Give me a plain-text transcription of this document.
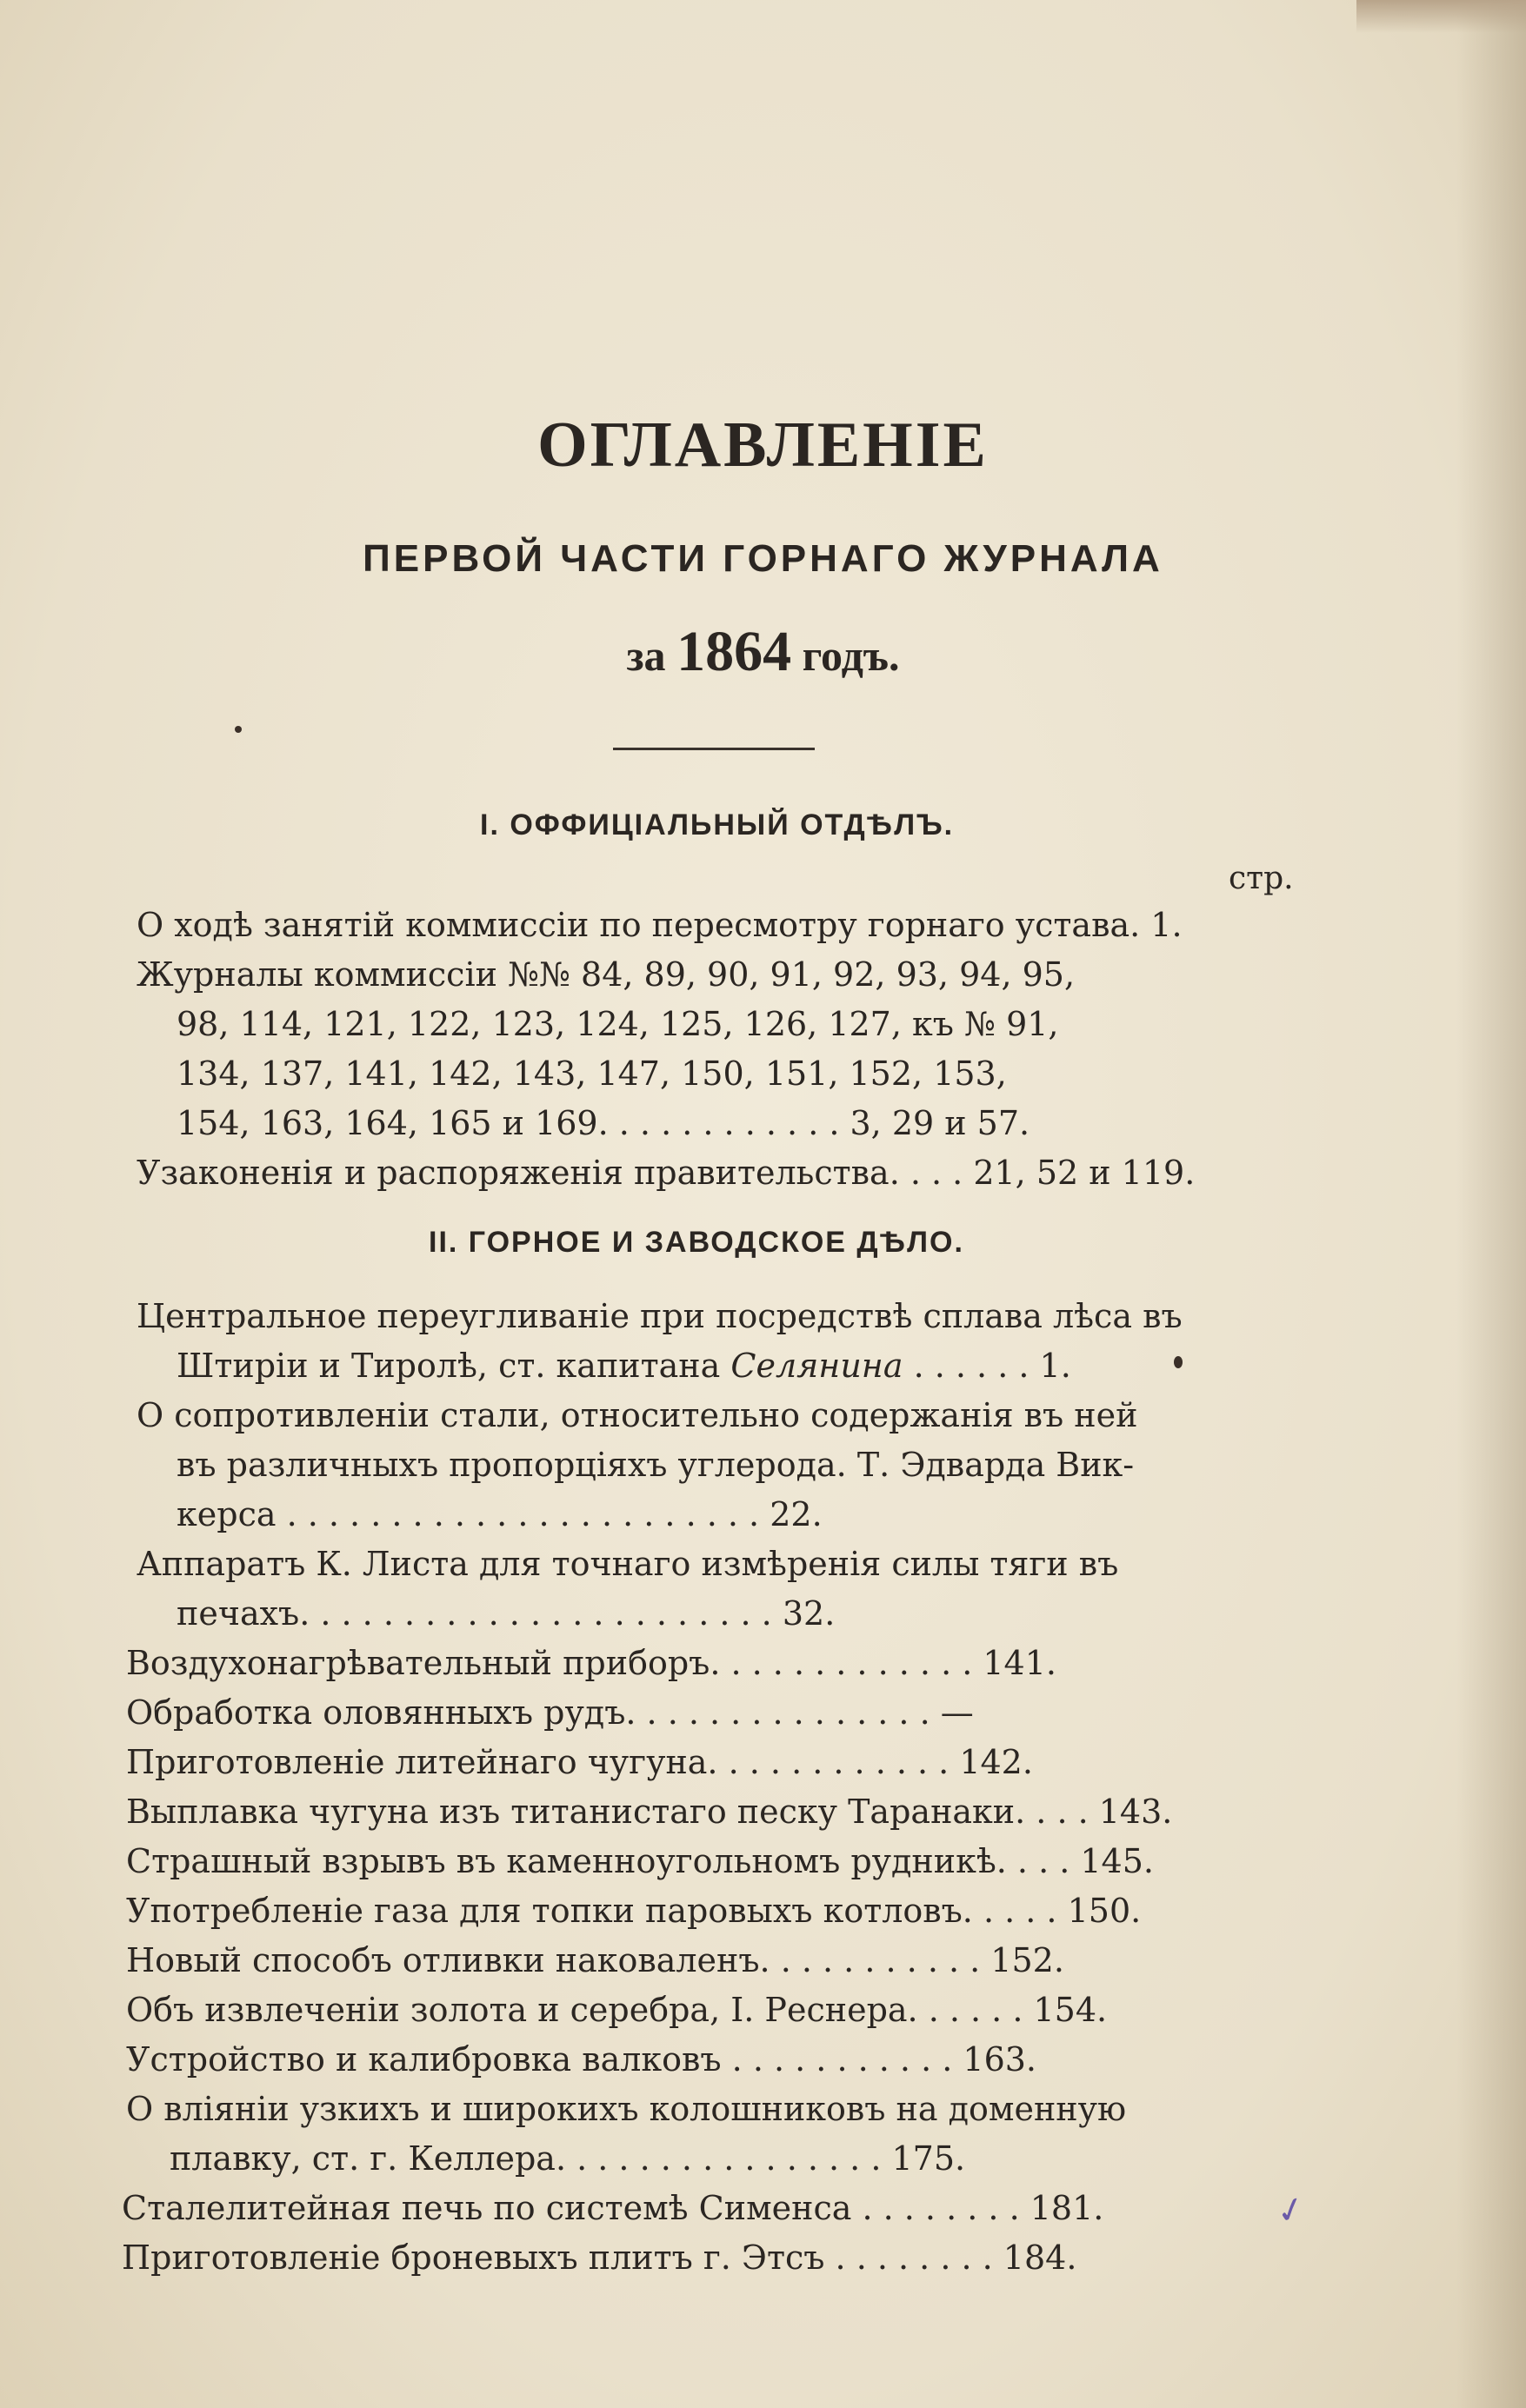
ОГЛАВЛЕНІЕ
ПЕРВОЙ ЧАСТИ ГОРНАГО ЖУРНАЛА
за 1864 годъ.
I. ОФФИЦІАЛЬНЫЙ ОТДѢЛЪ.
стр.
О ходѣ занятій коммиссіи по пересмотру горнаго устава. 1.
Журналы коммиссіи №№ 84, 89, 90, 91, 92, 93, 94, 95,
98, 114, 121, 122, 123, 124, 125, 126, 127, къ № 91,
134, 137, 141, 142, 143, 147, 150, 151, 152, 153,
154, 163, 164, 165 и 169. . . . . . . . . . . . 3, 29 и 57.
Узаконенія и распоряженія правительства. . . . 21, 52 и 119.
II. ГОРНОЕ И ЗАВОДСКОЕ ДѢЛО.
Центральное переугливаніе при посредствѣ сплава лѣса въ
Штиріи и Тиролѣ, ст. капитана Селянина . . . . . . 1.
О сопротивленіи стали, относительно содержанія въ ней
въ различныхъ пропорціяхъ углерода. Т. Эдварда Вик-
керса . . . . . . . . . . . . . . . . . . . . . . . 22.
Аппаратъ К. Листа для точнаго измѣренія силы тяги въ
печахъ. . . . . . . . . . . . . . . . . . . . . . . 32.
Воздухонагрѣвательный приборъ. . . . . . . . . . . . . 141.
Обработка оловянныхъ рудъ. . . . . . . . . . . . . . . —
Приготовленіе литейнаго чугуна. . . . . . . . . . . . 142.
Выплавка чугуна изъ титанистаго песку Таранаки. . . . 143.
Страшный взрывъ въ каменноугольномъ рудникѣ. . . . 145.
Употребленіе газа для топки паровыхъ котловъ. . . . . 150.
Новый способъ отливки наковаленъ. . . . . . . . . . . 152.
Объ извлеченіи золота и серебра, I. Реснера. . . . . . 154.
Устройство и калибровка валковъ . . . . . . . . . . . 163.
О вліяніи узкихъ и широкихъ колошниковъ на доменную
плавку, ст. г. Келлера. . . . . . . . . . . . . . . . 175.
Сталелитейная печь по системѣ Сименса . . . . . . . . 181.
Приготовленіе броневыхъ плитъ г. Этсъ . . . . . . . . 184.
✓
